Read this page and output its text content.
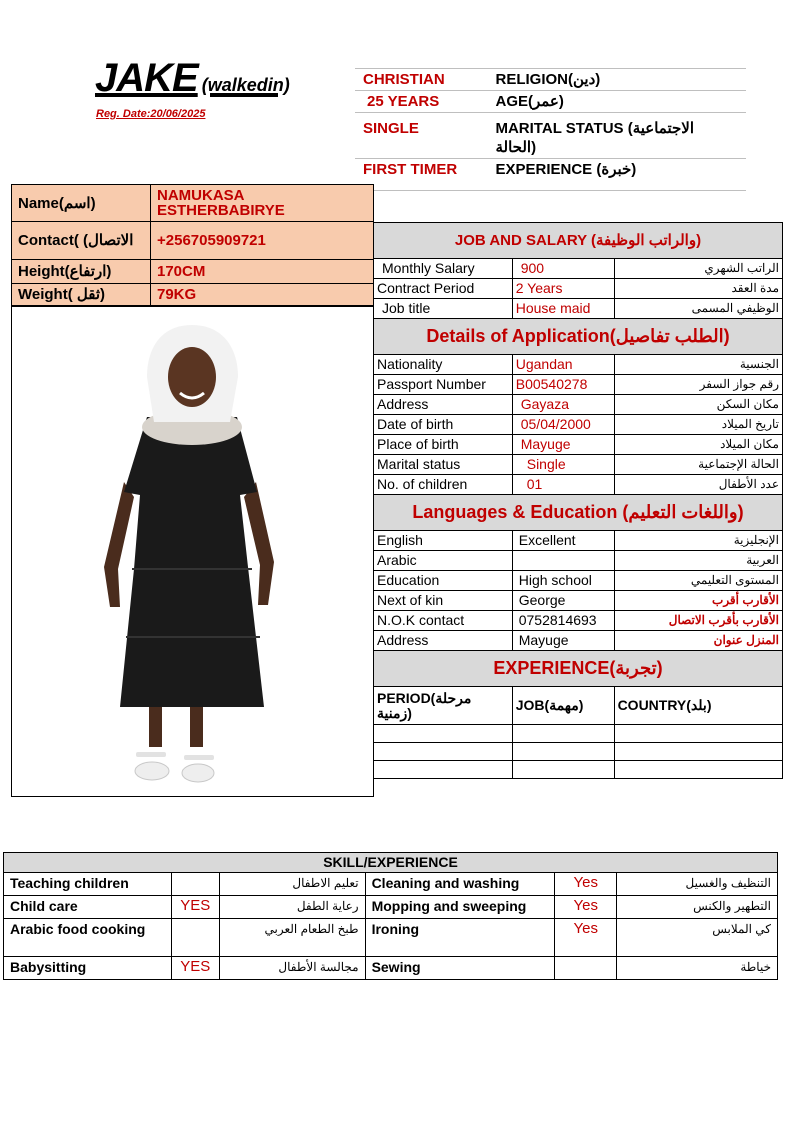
JAKE (walkedin)
Reg. Date:20/06/2025
CHRISTIAN	RELIGION(دين)
25 YEARS	AGE(عمر)
SINGLE	MARITAL STATUS (الاجتماعية الحالة)
FIRST TIMER	EXPERIENCE (خبرة)
Name(اسم)	NAMUKASA ESTHERBABIRYE
Contact( (الاتصال	+256705909721
Height(ارتفاع)	170CM
Weight( ثقل)	79KG
JOB AND SALARY (والراتب الوظيفة)		
Monthly Salary	900	الراتب الشهري
Contract Period	2 Years	مدة العقد
Job title	House maid	الوظيفي المسمى
Details of Application(الطلب تفاصيل)		
Nationality	Ugandan	الجنسية
Passport Number	B00540278	رقم جواز السفر
Address	Gayaza	مكان السكن
Date of birth	05/04/2000	تاريخ الميلاد
Place of birth	Mayuge	مكان الميلاد
Marital status	Single	الحالة الإجتماعية
No. of children	01	عدد الأطفال
Languages & Education (واللغات التعليم)		
English	Excellent	الإنجليزية
Arabic		العربية
Education	High school	المستوى التعليمي
Next of kin	George	الأقارب أقرب
N.O.K contact	0752814693	الأقارب بأقرب الاتصال
Address	Mayuge	المنزل عنوان
EXPERIENCE(تجربة)		
PERIOD(مرحلة زمنية)	JOB(مهمة)	COUNTRY(بلد)

SKILL/EXPERIENCE					
Teaching children		تعليم الاطفال	Cleaning and washing	Yes	التنظيف والغسيل
Child care	YES	رعاية الطفل	Mopping and sweeping	Yes	التطهير والكنس
Arabic food cooking		طبخ الطعام العربي	Ironing	Yes	كي الملابس
Babysitting	YES	مجالسة الأطفال	Sewing		خياطة
